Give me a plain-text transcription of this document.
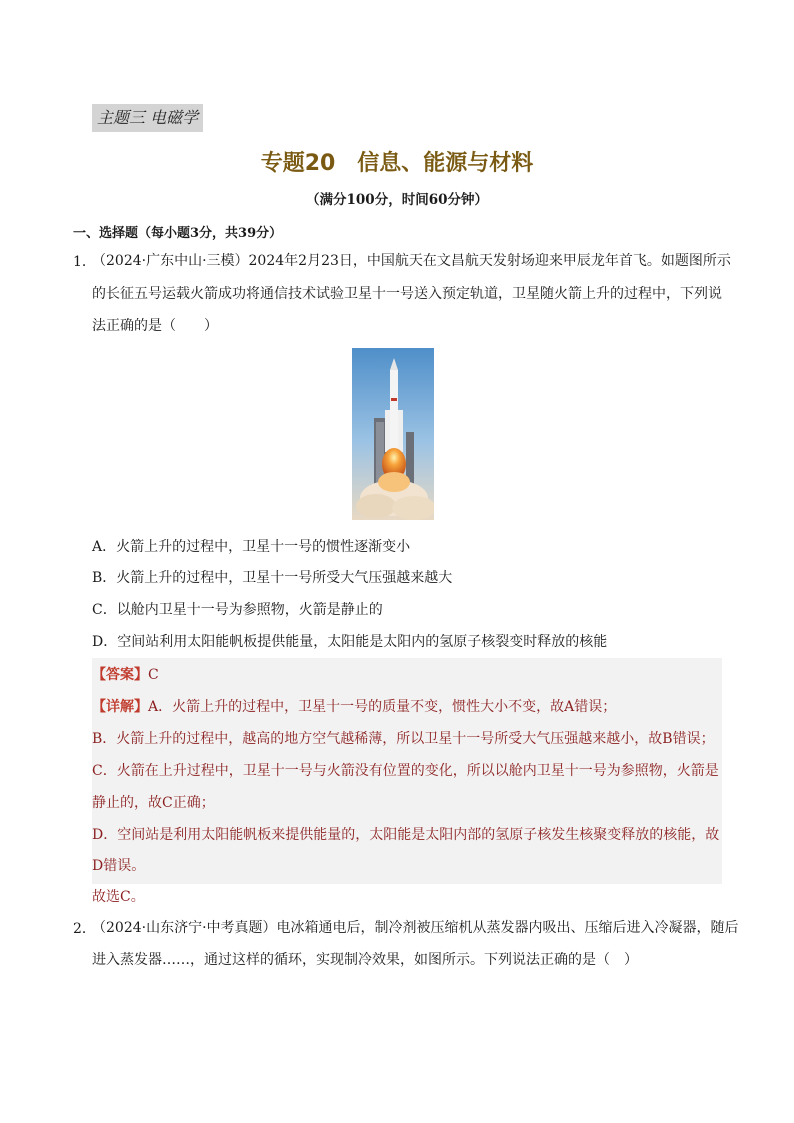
主题三 电磁学
专题20　信息、能源与材料
（满分100分，时间60分钟）
一、选择题（每小题3分，共39分）
1．
（2024·广东中山·三模）2024年2月23日，中国航天在文昌航天发射场迎来甲辰龙年首飞。如题图所示
的长征五号运载火箭成功将通信技术试验卫星十一号送入预定轨道，卫星随火箭上升的过程中，下列说
法正确的是（　　）
A．火箭上升的过程中，卫星十一号的惯性逐渐变小
B．火箭上升的过程中，卫星十一号所受大气压强越来越大
C．以舱内卫星十一号为参照物，火箭是静止的
D．空间站利用太阳能帆板提供能量，太阳能是太阳内的氢原子核裂变时释放的核能
【答案】C
【详解】A．火箭上升的过程中，卫星十一号的质量不变，惯性大小不变，故A错误；
B．火箭上升的过程中，越高的地方空气越稀薄，所以卫星十一号所受大气压强越来越小，故B错误；
C．火箭在上升过程中，卫星十一号与火箭没有位置的变化，所以以舱内卫星十一号为参照物，火箭是
静止的，故C正确；
D．空间站是利用太阳能帆板来提供能量的，太阳能是太阳内部的氢原子核发生核聚变释放的核能，故
D错误。
故选C。
2．
（2024·山东济宁·中考真题）电冰箱通电后，制冷剂被压缩机从蒸发器内吸出、压缩后进入冷凝器，随后
进入蒸发器……，通过这样的循环，实现制冷效果，如图所示。下列说法正确的是（　）
